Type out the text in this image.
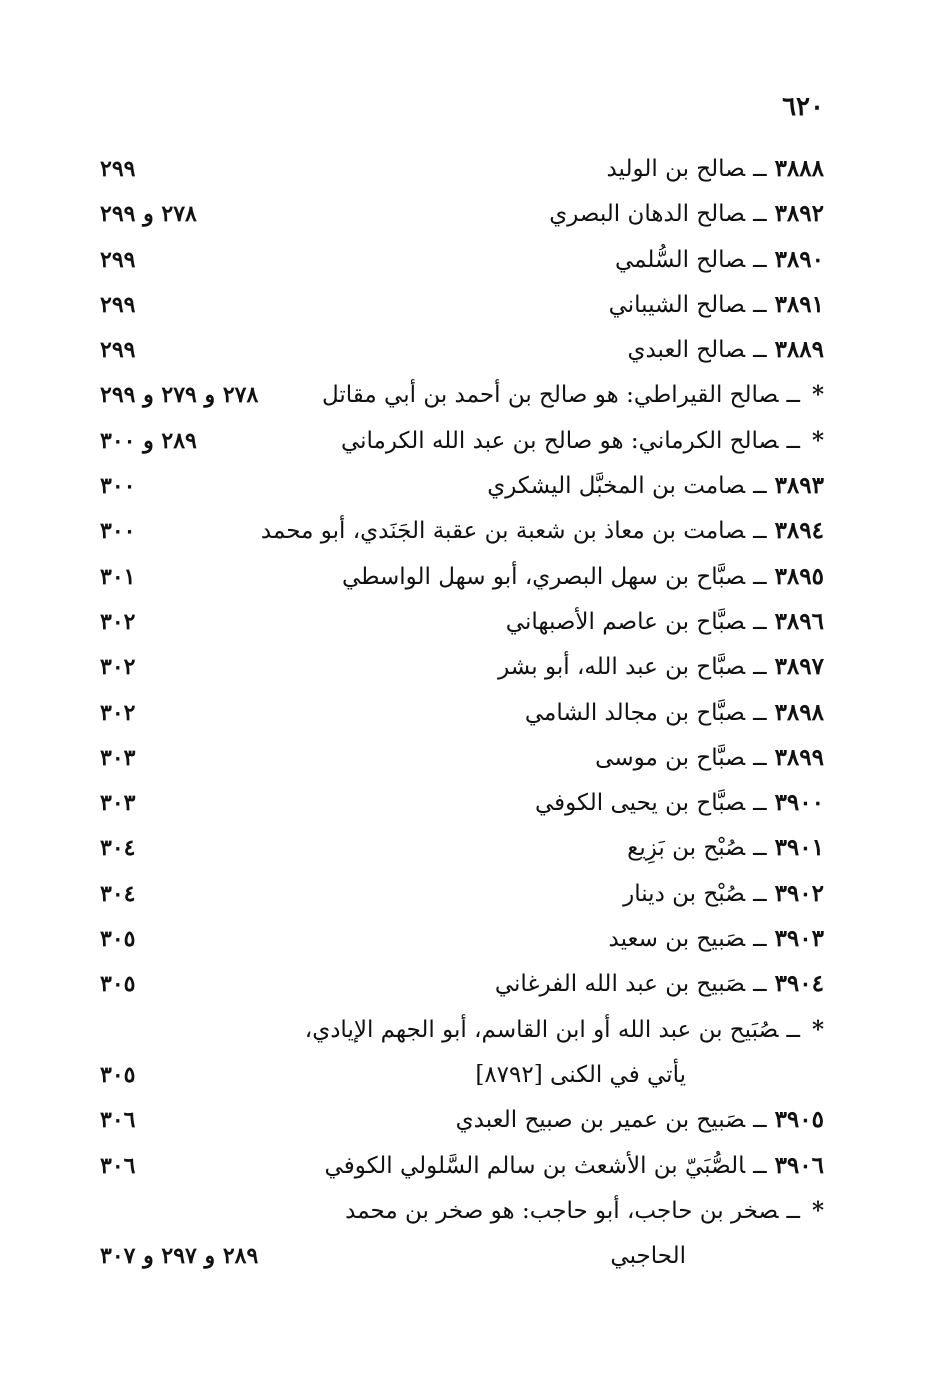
٦٢٠
٣٨٨٨ــصالح بن الوليد
٢٩٩
٣٨٩٢ــصالح الدهان البصري
٢٧٨ و ٢٩٩
٣٨٩٠ــصالح السُّلمي
٢٩٩
٣٨٩١ــصالح الشيباني
٢٩٩
٣٨٨٩ــصالح العبدي
٢٩٩
*ــصالح القيراطي: هو صالح بن أحمد بن أبي مقاتل
٢٧٨ و ٢٧٩ و ٢٩٩
*ــصالح الكرماني: هو صالح بن عبد الله الكرماني
٢٨٩ و ٣٠٠
٣٨٩٣ــصامت بن المخبَّل اليشكري
٣٠٠
٣٨٩٤ــصامت بن معاذ بن شعبة بن عقبة الجَنَدي، أبو محمد
٣٠٠
٣٨٩٥ــصبَّاح بن سهل البصري، أبو سهل الواسطي
٣٠١
٣٨٩٦ــصبَّاح بن عاصم الأصبهاني
٣٠٢
٣٨٩٧ــصبَّاح بن عبد الله، أبو بشر
٣٠٢
٣٨٩٨ــصبَّاح بن مجالد الشامي
٣٠٢
٣٨٩٩ــصبَّاح بن موسى
٣٠٣
٣٩٠٠ــصبَّاح بن يحيى الكوفي
٣٠٣
٣٩٠١ــصُبْح بن بَزِيع
٣٠٤
٣٩٠٢ــصُبْح بن دينار
٣٠٤
٣٩٠٣ــصَبيح بن سعيد
٣٠٥
٣٩٠٤ــصَبيح بن عبد الله الفرغاني
٣٠٥
*ــصُبَيح بن عبد الله أو ابن القاسم، أبو الجهم الإيادي،
يأتي في الكنى [٨٧٩٢]
٣٠٥
٣٩٠٥ــصَبيح بن عمير بن صبيح العبدي
٣٠٦
٣٩٠٦ــالصُّبَيّ بن الأشعث بن سالم السَّلولي الكوفي
٣٠٦
*ــصخر بن حاجب، أبو حاجب: هو صخر بن محمد
الحاجبي
٢٨٩ و ٢٩٧ و ٣٠٧
